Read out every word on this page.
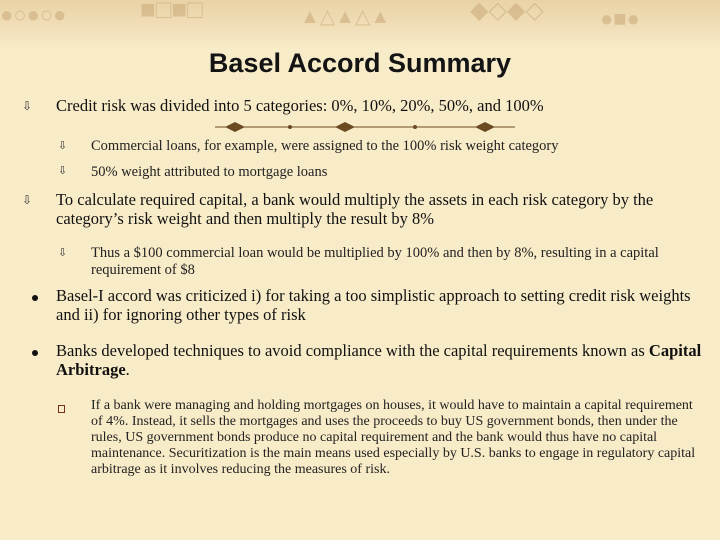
●○●○●	■□■□	▲△▲△▲	◆◇◆◇	●■●
Basel Accord Summary
⇩ Credit risk was divided into 5 categories: 0%, 10%, 20%, 50%, and 100%
⇩ Commercial loans, for example, were assigned to the 100% risk weight category
⇩ 50% weight attributed to mortgage loans
⇩ To calculate required capital, a bank would multiply the assets in each risk category by the category’s risk weight and then multiply the result by 8%
⇩ Thus a $100 commercial loan would be multiplied by 100% and then by 8%, resulting in a capital requirement of $8
Basel-I accord was criticized i) for taking a too simplistic approach to setting credit risk weights and ii) for ignoring other types of risk
Banks developed techniques to avoid compliance with the capital requirements known as Capital Arbitrage.
If a bank were managing and holding mortgages on houses, it would have to maintain a capital requirement of 4%. Instead, it sells the mortgages and uses the proceeds to buy US government bonds, then under the rules, US government bonds produce no capital requirement and the bank would thus have no capital maintenance. Securitization is the main means used especially by U.S. banks to engage in regulatory capital arbitrage as it involves reducing the measures of risk.
